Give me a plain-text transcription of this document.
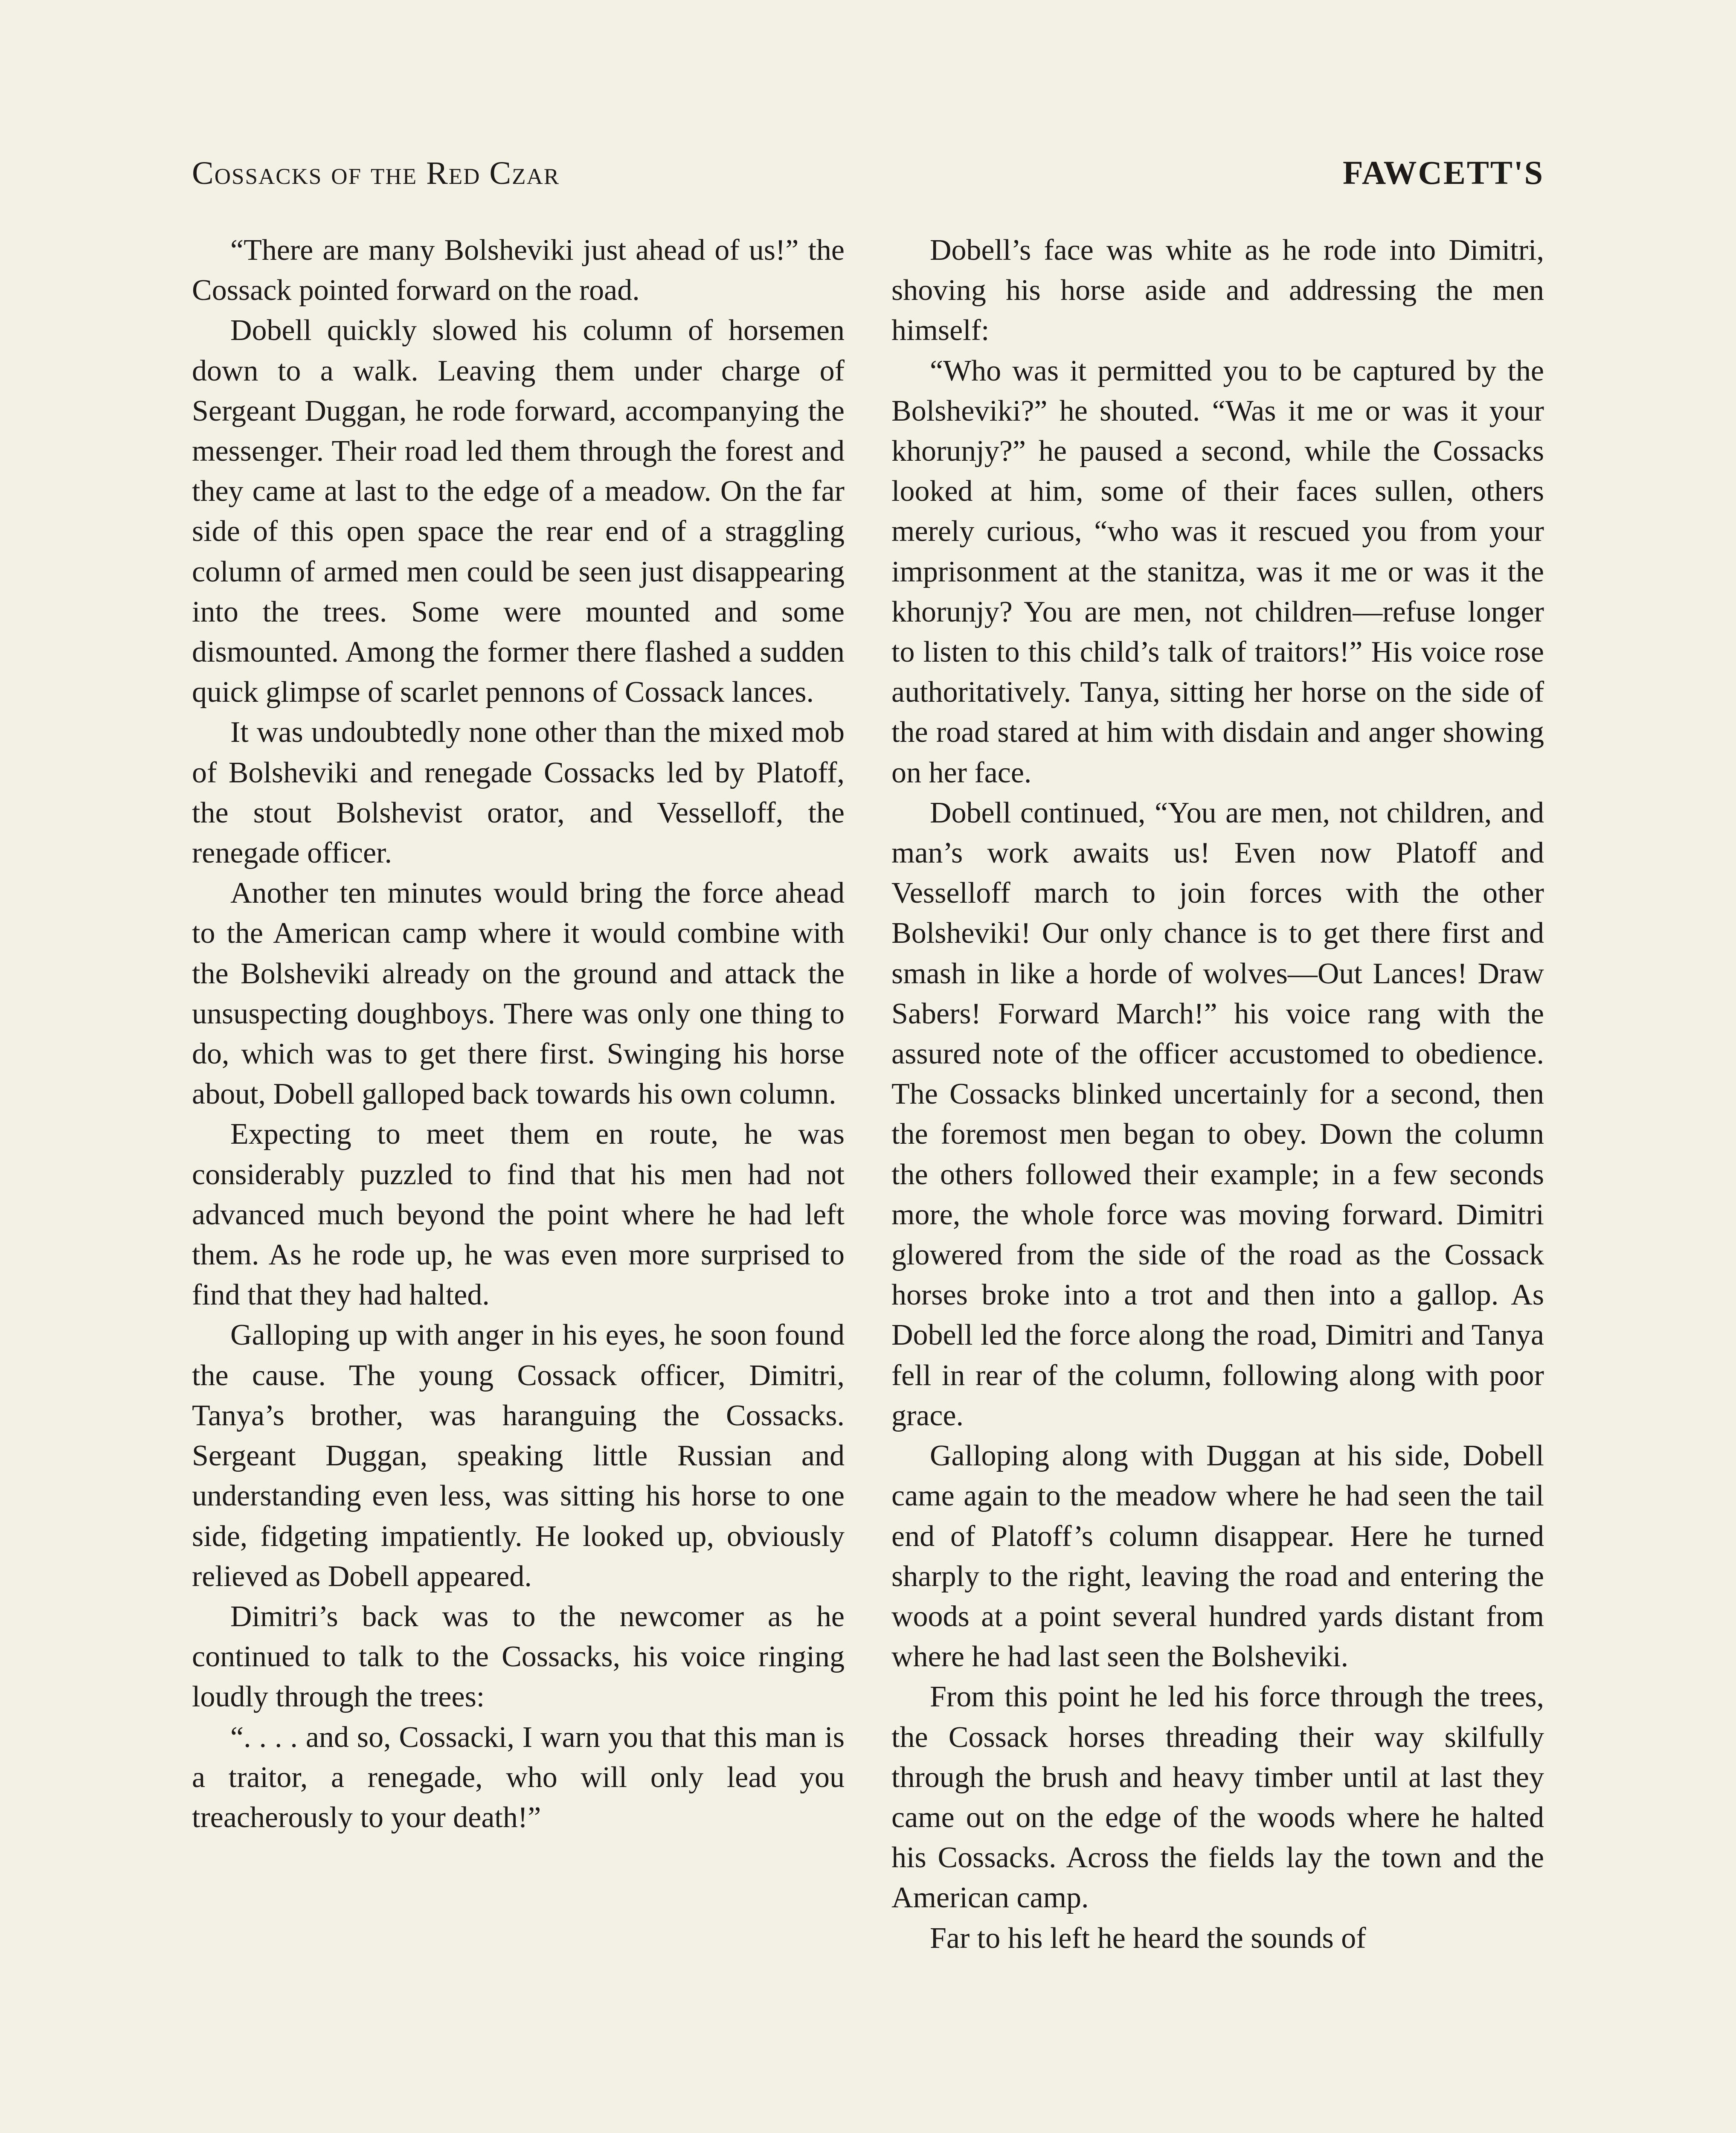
Cossacks of the Red Czar	FAWCETT'S

“There are many Bolsheviki just ahead of us!” the Cossack pointed forward on the road.

Dobell quickly slowed his column of horsemen down to a walk. Leaving them under charge of Sergeant Duggan, he rode forward, accompanying the messenger. Their road led them through the forest and they came at last to the edge of a meadow. On the far side of this open space the rear end of a straggling column of armed men could be seen just disappearing into the trees. Some were mounted and some dismounted. Among the former there flashed a sudden quick glimpse of scarlet pennons of Cossack lances.

It was undoubtedly none other than the mixed mob of Bolsheviki and renegade Cossacks led by Platoff, the stout Bolshevist orator, and Vesselloff, the renegade officer.

Another ten minutes would bring the force ahead to the American camp where it would combine with the Bolsheviki already on the ground and attack the unsuspecting doughboys. There was only one thing to do, which was to get there first. Swinging his horse about, Dobell galloped back towards his own column.

Expecting to meet them en route, he was considerably puzzled to find that his men had not advanced much beyond the point where he had left them. As he rode up, he was even more surprised to find that they had halted.

Galloping up with anger in his eyes, he soon found the cause. The young Cossack officer, Dimitri, Tanya’s brother, was haranguing the Cossacks. Sergeant Duggan, speaking little Russian and understanding even less, was sitting his horse to one side, fidgeting impatiently. He looked up, obviously relieved as Dobell appeared.

Dimitri’s back was to the newcomer as he continued to talk to the Cossacks, his voice ringing loudly through the trees:

“. . . . and so, Cossacki, I warn you that this man is a traitor, a renegade, who will only lead you treacherously to your death!”

Dobell’s face was white as he rode into Dimitri, shoving his horse aside and addressing the men himself:

“Who was it permitted you to be captured by the Bolsheviki?” he shouted. “Was it me or was it your khorunjy?” he paused a second, while the Cossacks looked at him, some of their faces sullen, others merely curious, “who was it rescued you from your imprisonment at the stanitza, was it me or was it the khorunjy? You are men, not children—refuse longer to listen to this child’s talk of traitors!” His voice rose authoritatively. Tanya, sitting her horse on the side of the road stared at him with disdain and anger showing on her face.

Dobell continued, “You are men, not children, and man’s work awaits us! Even now Platoff and Vesselloff march to join forces with the other Bolsheviki! Our only chance is to get there first and smash in like a horde of wolves—Out Lances! Draw Sabers! Forward March!” his voice rang with the assured note of the officer accustomed to obedience. The Cossacks blinked uncertainly for a second, then the foremost men began to obey. Down the column the others followed their example; in a few seconds more, the whole force was moving forward. Dimitri glowered from the side of the road as the Cossack horses broke into a trot and then into a gallop. As Dobell led the force along the road, Dimitri and Tanya fell in rear of the column, following along with poor grace.

Galloping along with Duggan at his side, Dobell came again to the meadow where he had seen the tail end of Platoff’s column disappear. Here he turned sharply to the right, leaving the road and entering the woods at a point several hundred yards distant from where he had last seen the Bolsheviki.

From this point he led his force through the trees, the Cossack horses threading their way skilfully through the brush and heavy timber until at last they came out on the edge of the woods where he halted his Cossacks. Across the fields lay the town and the American camp.

Far to his left he heard the sounds of
